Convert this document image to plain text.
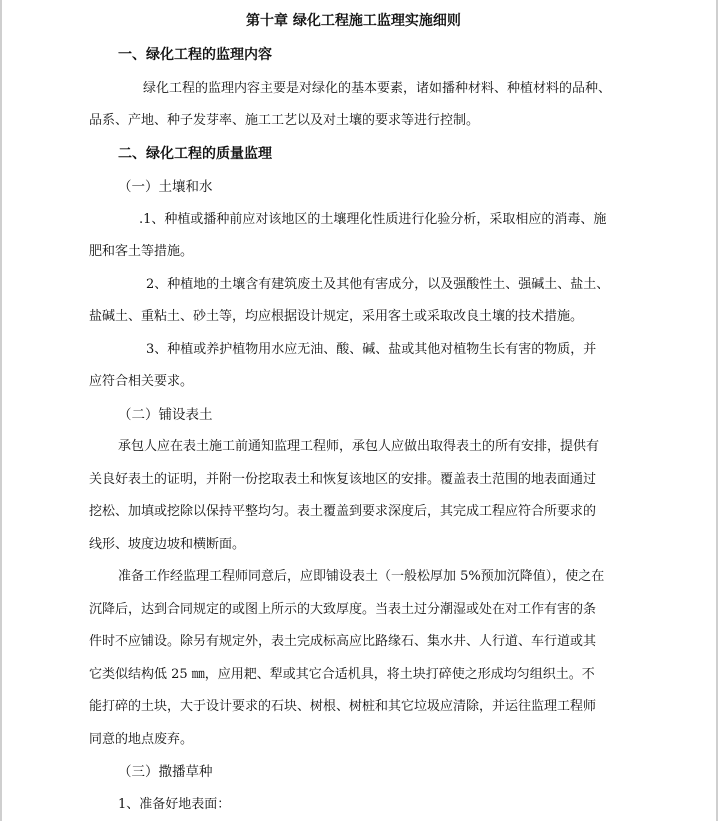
第十章 绿化工程施工监理实施细则

一、绿化工程的监理内容

绿化工程的监理内容主要是对绿化的基本要素，诸如播种材料、种植材料的品种、

品系、产地、种子发芽率、施工工艺以及对土壤的要求等进行控制。

二、绿化工程的质量监理

（一）土壤和水

.1、种植或播种前应对该地区的土壤理化性质进行化验分析，采取相应的消毒、施

肥和客土等措施。

2、种植地的土壤含有建筑废土及其他有害成分，以及强酸性土、强碱土、盐土、

盐碱土、重粘土、砂土等，均应根据设计规定，采用客土或采取改良土壤的技术措施。

3、种植或养护植物用水应无油、酸、碱、盐或其他对植物生长有害的物质，并

应符合相关要求。

（二）铺设表土

承包人应在表土施工前通知监理工程师，承包人应做出取得表土的所有安排，提供有

关良好表土的证明，并附一份挖取表土和恢复该地区的安排。覆盖表土范围的地表面通过

挖松、加填或挖除以保持平整均匀。表土覆盖到要求深度后，其完成工程应符合所要求的

线形、坡度边坡和横断面。

准备工作经监理工程师同意后，应即铺设表土（一般松厚加 5%预加沉降值），使之在

沉降后，达到合同规定的或图上所示的大致厚度。当表土过分潮湿或处在对工作有害的条

件时不应铺设。除另有规定外，表土完成标高应比路缘石、集水井、人行道、车行道或其

它类似结构低 25 ㎜，应用耙、犁或其它合适机具，将土块打碎使之形成均匀组织土。不

能打碎的土块，大于设计要求的石块、树根、树桩和其它垃圾应清除，并运往监理工程师

同意的地点废弃。

（三）撒播草种

1、准备好地表面：
